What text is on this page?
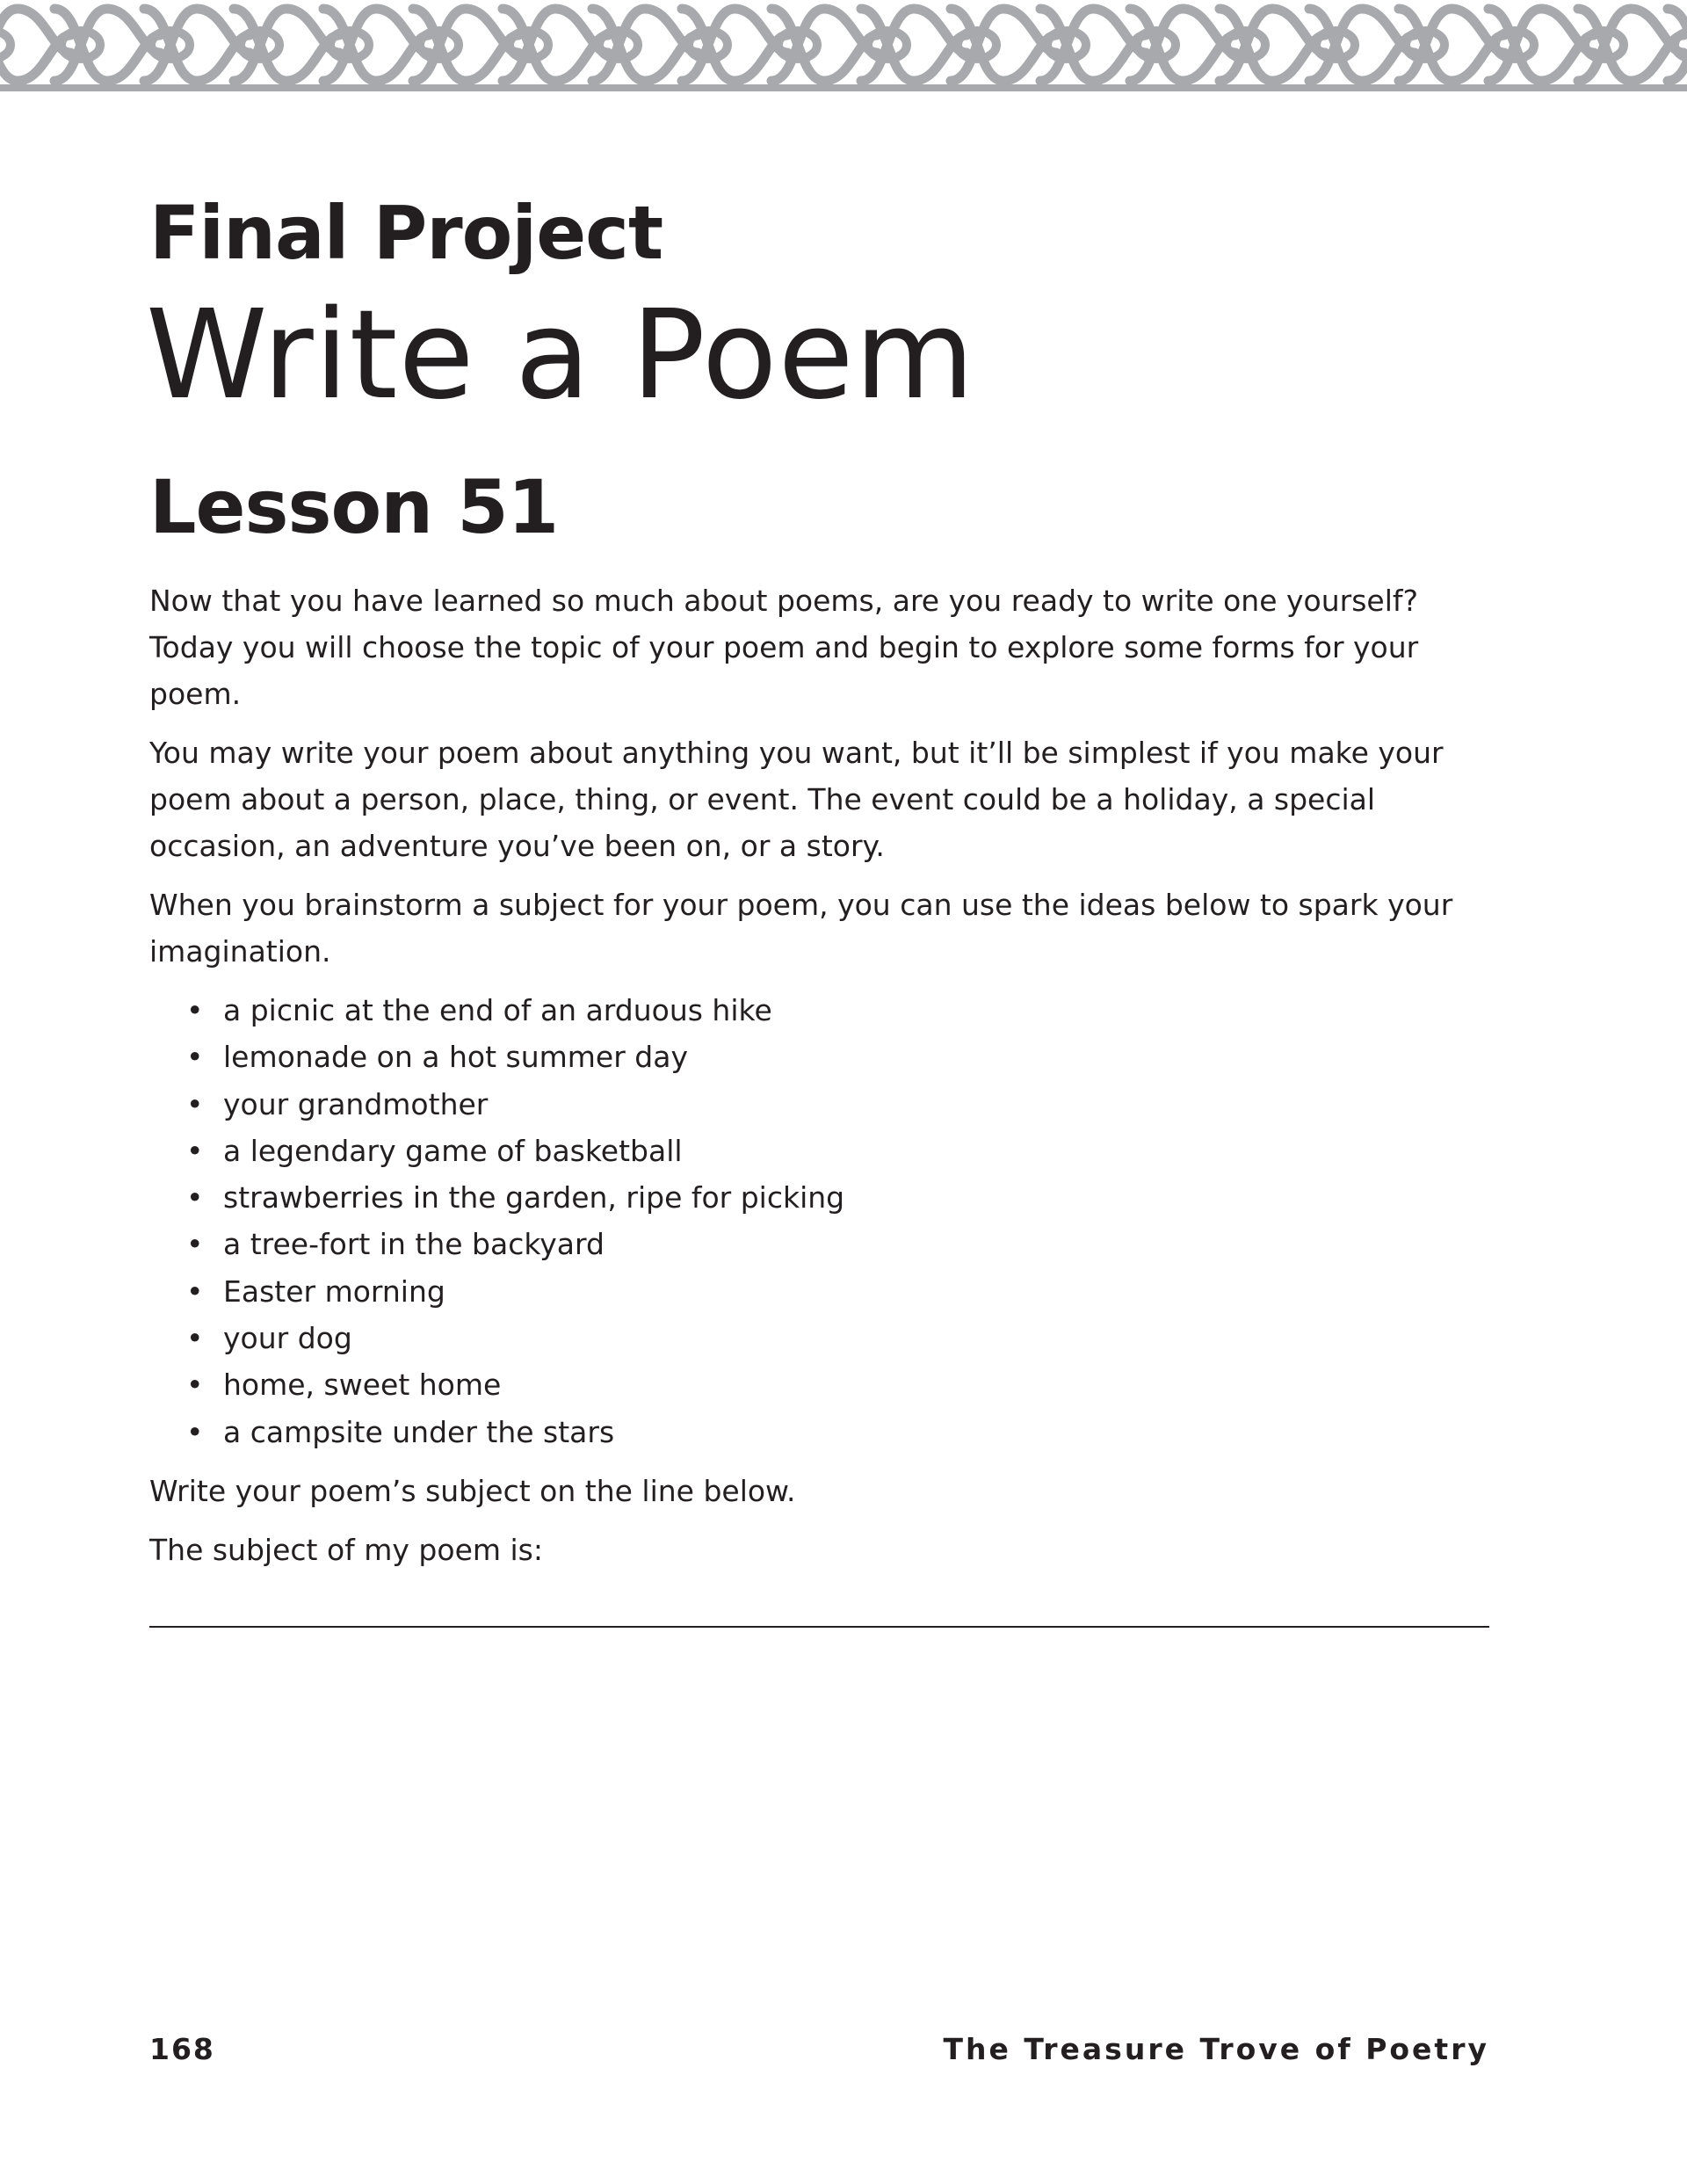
Final Project
Write a Poem
Lesson 51

Now that you have learned so much about poems, are you ready to write one yourself? Today you will choose the topic of your poem and begin to explore some forms for your poem.

You may write your poem about anything you want, but it’ll be simplest if you make your poem about a person, place, thing, or event. The event could be a holiday, a special occasion, an adventure you’ve been on, or a story.

When you brainstorm a subject for your poem, you can use the ideas below to spark your imagination.

• a picnic at the end of an arduous hike
• lemonade on a hot summer day
• your grandmother
• a legendary game of basketball
• strawberries in the garden, ripe for picking
• a tree-fort in the backyard
• Easter morning
• your dog
• home, sweet home
• a campsite under the stars

Write your poem’s subject on the line below.

The subject of my poem is:

168	The Treasure Trove of Poetry
